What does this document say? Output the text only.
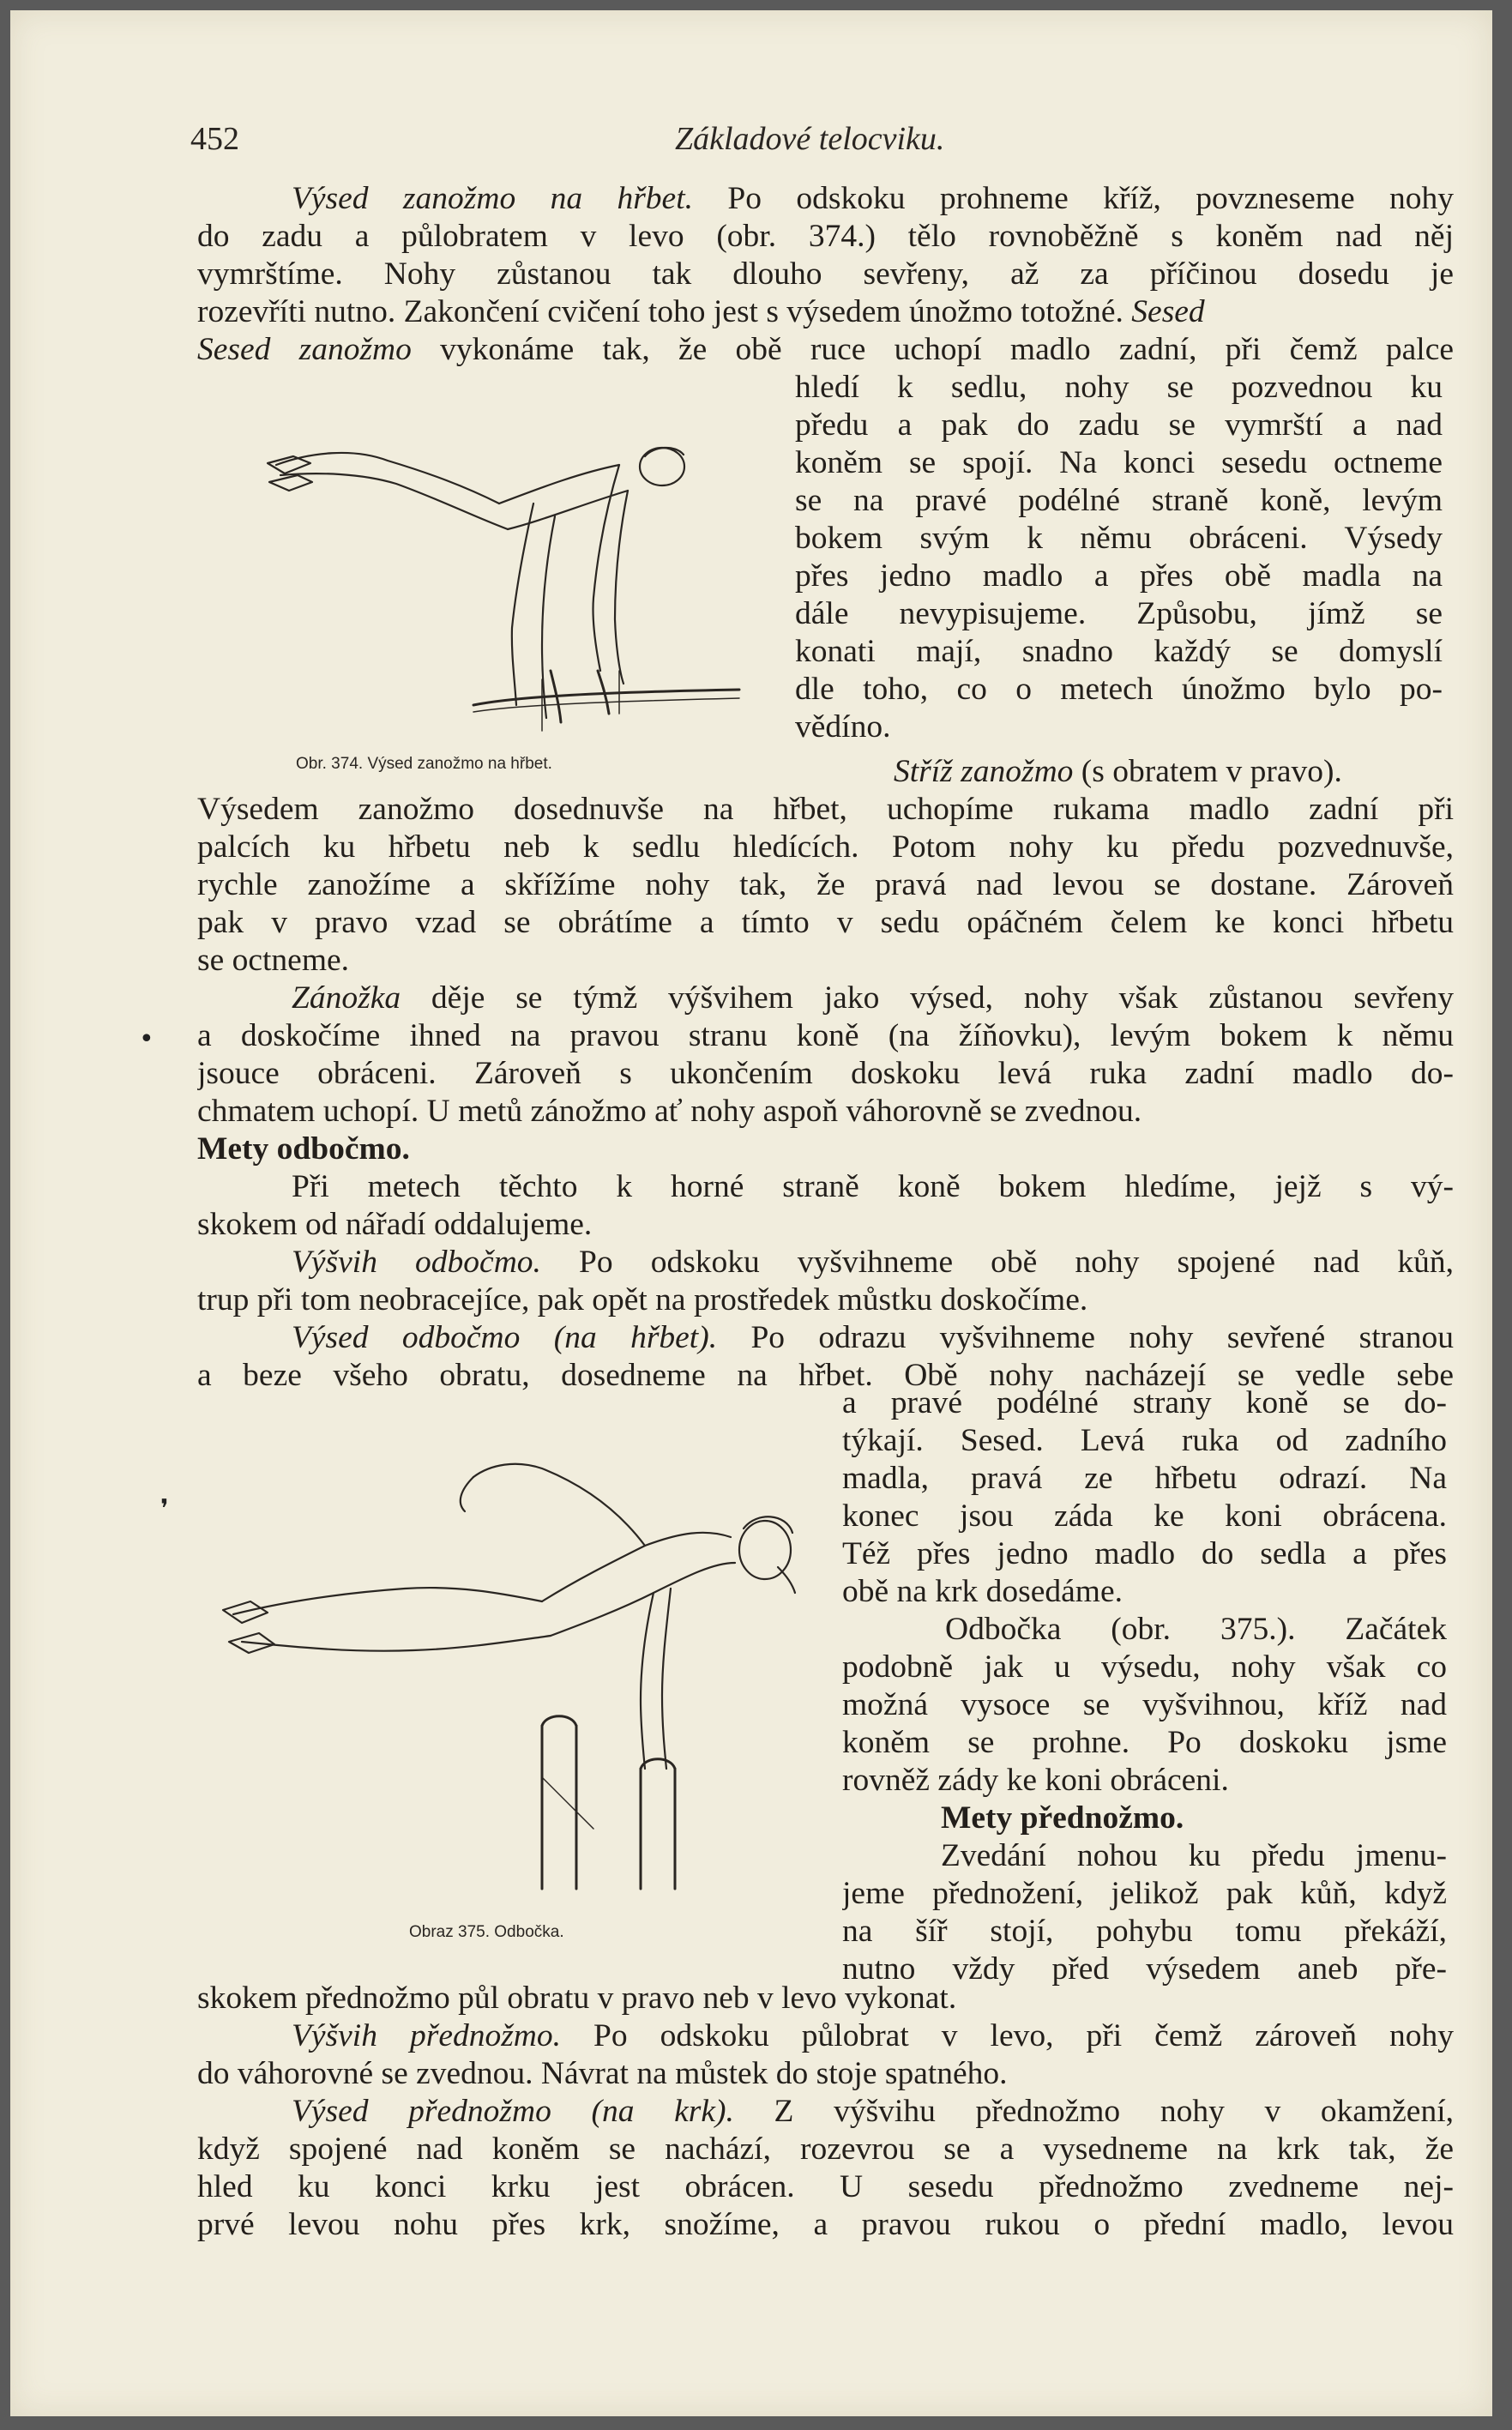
452	Základové telocviku.
Výsed zanožmo na hřbet. Po odskoku prohneme kříž, povzneseme nohy
do zadu a půlobratem v levo (obr. 374.) tělo rovnoběžně s koněm nad něj
vymrštíme. Nohy zůstanou tak dlouho sevřeny, až za příčinou dosedu je
rozevříti nutno. Zakončení cvičení toho jest s výsedem únožmo totožné. Sesed
Sesed zanožmo vykonáme tak, že obě ruce uchopí madlo zadní, při čemž palce
hledí k sedlu, nohy se pozvednou ku
předu a pak do zadu se vymrští a nad
koněm se spojí. Na konci sesedu octneme
se na pravé podélné straně koně, levým
bokem svým k němu obráceni. Výsedy
přes jedno madlo a přes obě madla na
dále nevypisujeme. Způsobu, jímž se
konati mají, snadno každý se domyslí
dle toho, co o metech únožmo bylo po-
vědíno.
Obr. 374. Výsed zanožmo na hřbet.	Stříž zanožmo (s obratem v pravo).
Výsedem zanožmo dosednuvše na hřbet, uchopíme rukama madlo zadní při
palcích ku hřbetu neb k sedlu hledících. Potom nohy ku předu pozvednuvše,
rychle zanožíme a skřížíme nohy tak, že pravá nad levou se dostane. Zároveň
pak v pravo vzad se obrátíme a tímto v sedu opáčném čelem ke konci hřbetu
se octneme.
Zánožka děje se týmž výšvihem jako výsed, nohy však zůstanou sevřeny
a doskočíme ihned na pravou stranu koně (na žíňovku), levým bokem k němu
jsouce obráceni. Zároveň s ukončením doskoku levá ruka zadní madlo do-
chmatem uchopí. U metů zánožmo ať nohy aspoň váhorovně se zvednou.
Mety odbočmo.
Při metech těchto k horné straně koně bokem hledíme, jejž s vý-
skokem od nářadí oddalujeme.
Výšvih odbočmo. Po odskoku vyšvihneme obě nohy spojené nad kůň,
trup při tom neobracejíce, pak opět na prostředek můstku doskočíme.
Výsed odbočmo (na hřbet). Po odrazu vyšvihneme nohy sevřené stranou
a beze všeho obratu, dosedneme na hřbet. Obě nohy nacházejí se vedle sebe
•
❜
a pravé podélné strany koně se do-
týkají. Sesed. Levá ruka od zadního
madla, pravá ze hřbetu odrazí. Na
konec jsou záda ke koni obrácena.
Též přes jedno madlo do sedla a přes
obě na krk dosedáme.
Odbočka (obr. 375.). Začátek
podobně jak u výsedu, nohy však co
možná vysoce se vyšvihnou, kříž nad
koněm se prohne. Po doskoku jsme
rovněž zády ke koni obráceni.
Mety přednožmo.
Zvedání nohou ku předu jmenu-
jeme přednožení, jelikož pak kůň, když
na šíř stojí, pohybu tomu překáží,
nutno vždy před výsedem aneb pře-
Obraz 375. Odbočka.
skokem přednožmo půl obratu v pravo neb v levo vykonat.
Výšvih přednožmo. Po odskoku půlobrat v levo, při čemž zároveň nohy
do váhorovné se zvednou. Návrat na můstek do stoje spatného.
Výsed přednožmo (na krk). Z výšvihu přednožmo nohy v okamžení,
když spojené nad koněm se nachází, rozevrou se a vysedneme na krk tak, že
hled ku konci krku jest obrácen. U sesedu přednožmo zvedneme nej-
prvé levou nohu přes krk, snožíme, a pravou rukou o přední madlo, levou
